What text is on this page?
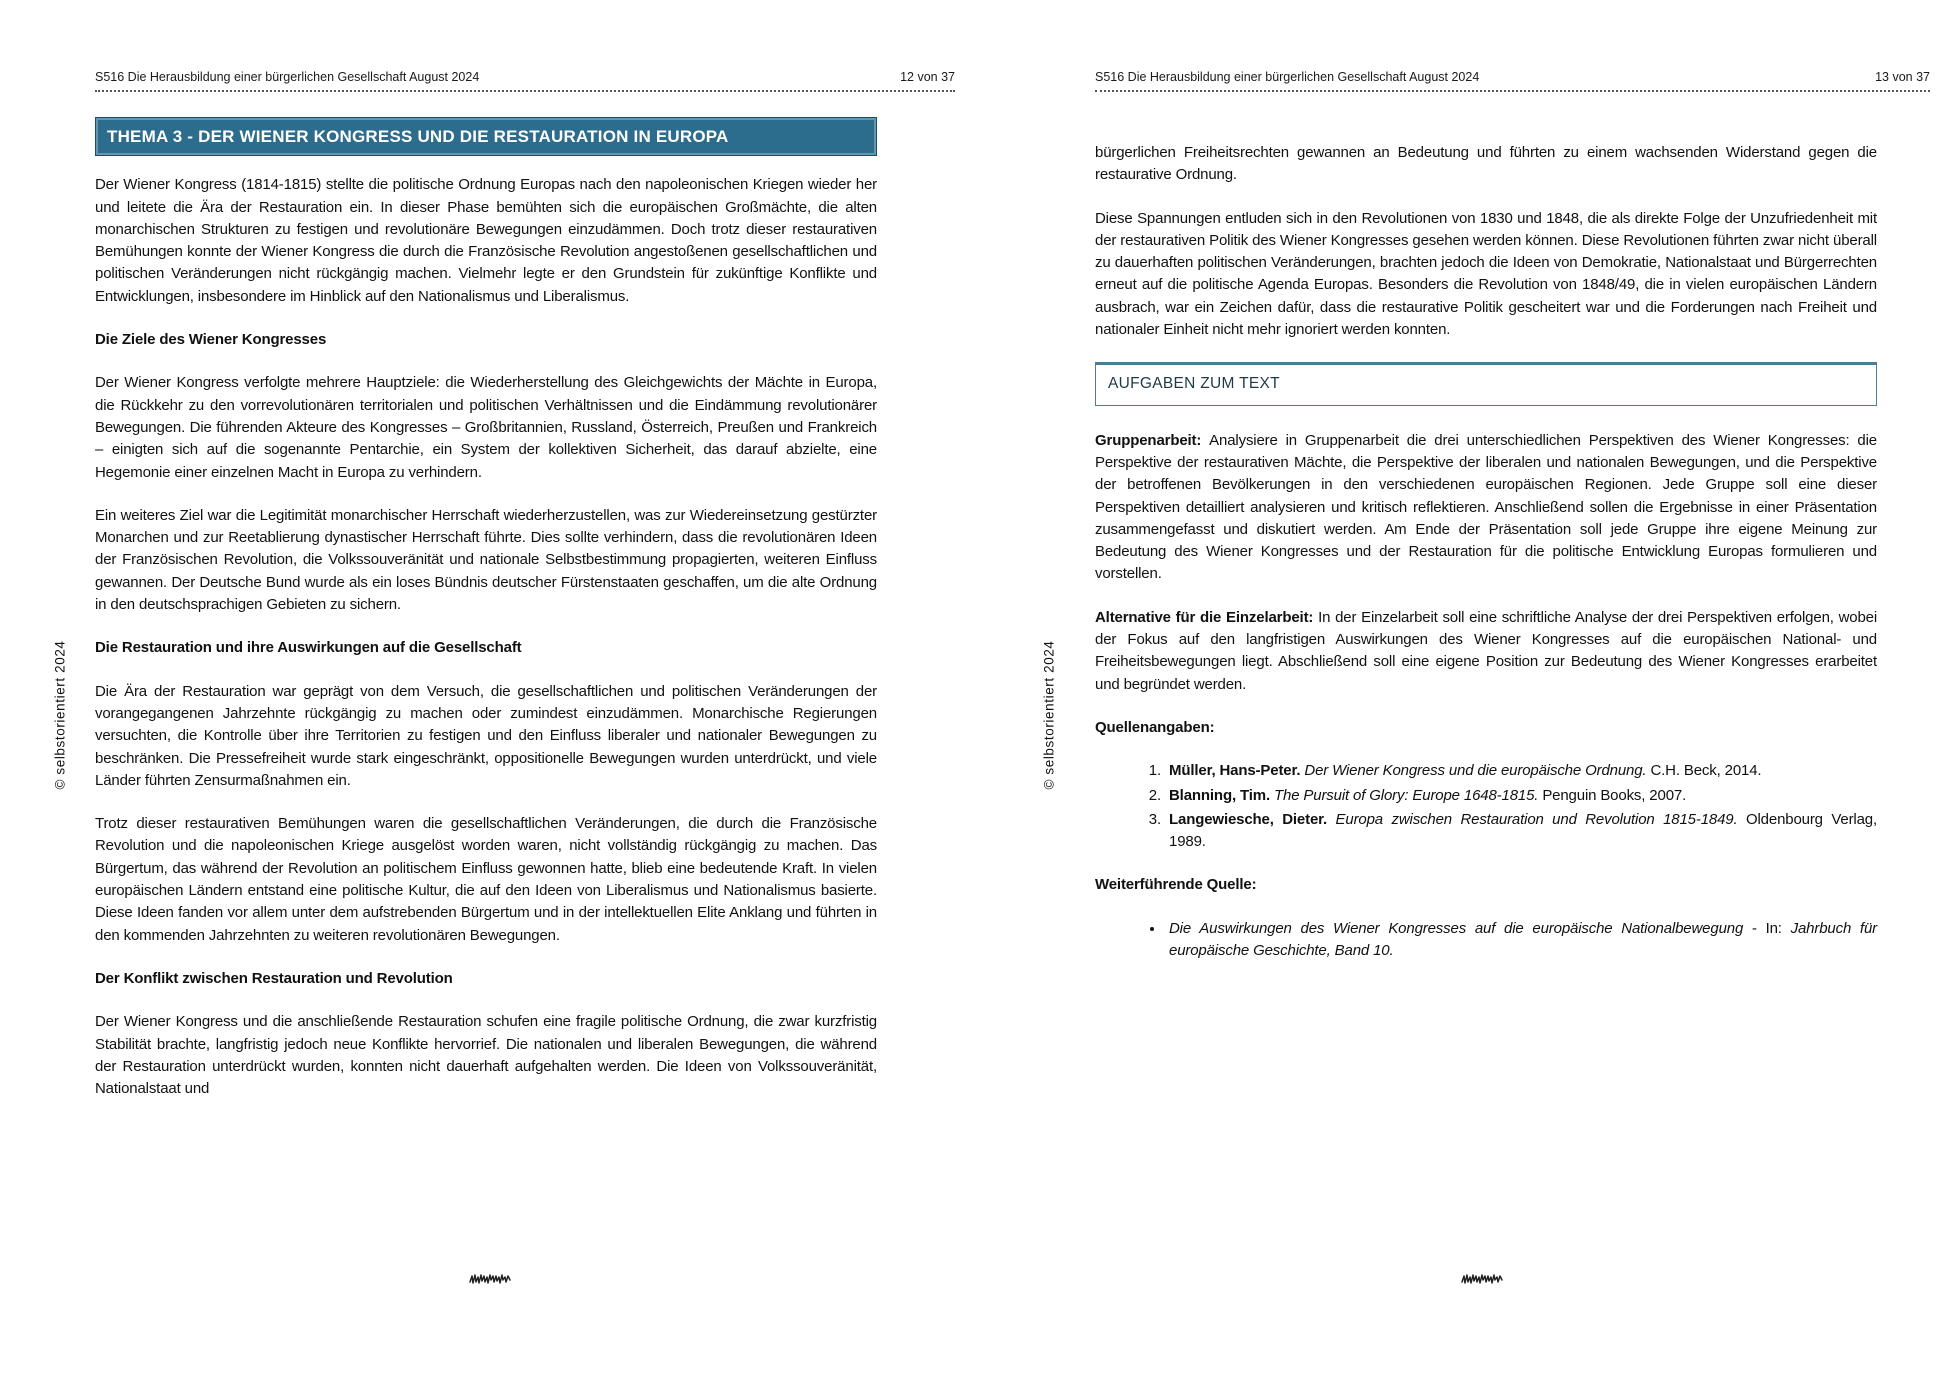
S516 Die Herausbildung einer bürgerlichen Gesellschaft August 2024	12 von 37
© selbstorientiert 2024
THEMA 3 - DER WIENER KONGRESS UND DIE RESTAURATION IN EUROPA

Der Wiener Kongress (1814-1815) stellte die politische Ordnung Europas nach den napoleonischen Kriegen wieder her und leitete die Ära der Restauration ein. In dieser Phase bemühten sich die europäischen Großmächte, die alten monarchischen Strukturen zu festigen und revolutionäre Bewegungen einzudämmen. Doch trotz dieser restaurativen Bemühungen konnte der Wiener Kongress die durch die Französische Revolution angestoßenen gesellschaftlichen und politischen Veränderungen nicht rückgängig machen. Vielmehr legte er den Grundstein für zukünftige Konflikte und Entwicklungen, insbesondere im Hinblick auf den Nationalismus und Liberalismus.

Die Ziele des Wiener Kongresses

Der Wiener Kongress verfolgte mehrere Hauptziele: die Wiederherstellung des Gleichgewichts der Mächte in Europa, die Rückkehr zu den vorrevolutionären territorialen und politischen Verhältnissen und die Eindämmung revolutionärer Bewegungen. Die führenden Akteure des Kongresses – Großbritannien, Russland, Österreich, Preußen und Frankreich – einigten sich auf die sogenannte Pentarchie, ein System der kollektiven Sicherheit, das darauf abzielte, eine Hegemonie einer einzelnen Macht in Europa zu verhindern.

Ein weiteres Ziel war die Legitimität monarchischer Herrschaft wiederherzustellen, was zur Wiedereinsetzung gestürzter Monarchen und zur Reetablierung dynastischer Herrschaft führte. Dies sollte verhindern, dass die revolutionären Ideen der Französischen Revolution, die Volkssouveränität und nationale Selbstbestimmung propagierten, weiteren Einfluss gewannen. Der Deutsche Bund wurde als ein loses Bündnis deutscher Fürstenstaaten geschaffen, um die alte Ordnung in den deutschsprachigen Gebieten zu sichern.

Die Restauration und ihre Auswirkungen auf die Gesellschaft

Die Ära der Restauration war geprägt von dem Versuch, die gesellschaftlichen und politischen Veränderungen der vorangegangenen Jahrzehnte rückgängig zu machen oder zumindest einzudämmen. Monarchische Regierungen versuchten, die Kontrolle über ihre Territorien zu festigen und den Einfluss liberaler und nationaler Bewegungen zu beschränken. Die Pressefreiheit wurde stark eingeschränkt, oppositionelle Bewegungen wurden unterdrückt, und viele Länder führten Zensurmaßnahmen ein.

Trotz dieser restaurativen Bemühungen waren die gesellschaftlichen Veränderungen, die durch die Französische Revolution und die napoleonischen Kriege ausgelöst worden waren, nicht vollständig rückgängig zu machen. Das Bürgertum, das während der Revolution an politischem Einfluss gewonnen hatte, blieb eine bedeutende Kraft. In vielen europäischen Ländern entstand eine politische Kultur, die auf den Ideen von Liberalismus und Nationalismus basierte. Diese Ideen fanden vor allem unter dem aufstrebenden Bürgertum und in der intellektuellen Elite Anklang und führten in den kommenden Jahrzehnten zu weiteren revolutionären Bewegungen.

Der Konflikt zwischen Restauration und Revolution

Der Wiener Kongress und die anschließende Restauration schufen eine fragile politische Ordnung, die zwar kurzfristig Stabilität brachte, langfristig jedoch neue Konflikte hervorrief. Die nationalen und liberalen Bewegungen, die während der Restauration unterdrückt wurden, konnten nicht dauerhaft aufgehalten werden. Die Ideen von Volkssouveränität, Nationalstaat und

S516 Die Herausbildung einer bürgerlichen Gesellschaft August 2024	13 von 37
© selbstorientiert 2024

bürgerlichen Freiheitsrechten gewannen an Bedeutung und führten zu einem wachsenden Widerstand gegen die restaurative Ordnung.

Diese Spannungen entluden sich in den Revolutionen von 1830 und 1848, die als direkte Folge der Unzufriedenheit mit der restaurativen Politik des Wiener Kongresses gesehen werden können. Diese Revolutionen führten zwar nicht überall zu dauerhaften politischen Veränderungen, brachten jedoch die Ideen von Demokratie, Nationalstaat und Bürgerrechten erneut auf die politische Agenda Europas. Besonders die Revolution von 1848/49, die in vielen europäischen Ländern ausbrach, war ein Zeichen dafür, dass die restaurative Politik gescheitert war und die Forderungen nach Freiheit und nationaler Einheit nicht mehr ignoriert werden konnten.

AUFGABEN ZUM TEXT

Gruppenarbeit: Analysiere in Gruppenarbeit die drei unterschiedlichen Perspektiven des Wiener Kongresses: die Perspektive der restaurativen Mächte, die Perspektive der liberalen und nationalen Bewegungen, und die Perspektive der betroffenen Bevölkerungen in den verschiedenen europäischen Regionen. Jede Gruppe soll eine dieser Perspektiven detailliert analysieren und kritisch reflektieren. Anschließend sollen die Ergebnisse in einer Präsentation zusammengefasst und diskutiert werden. Am Ende der Präsentation soll jede Gruppe ihre eigene Meinung zur Bedeutung des Wiener Kongresses und der Restauration für die politische Entwicklung Europas formulieren und vorstellen.

Alternative für die Einzelarbeit: In der Einzelarbeit soll eine schriftliche Analyse der drei Perspektiven erfolgen, wobei der Fokus auf den langfristigen Auswirkungen des Wiener Kongresses auf die europäischen National- und Freiheitsbewegungen liegt. Abschließend soll eine eigene Position zur Bedeutung des Wiener Kongresses erarbeitet und begründet werden.

Quellenangaben:
1. Müller, Hans-Peter. Der Wiener Kongress und die europäische Ordnung. C.H. Beck, 2014.
2. Blanning, Tim. The Pursuit of Glory: Europe 1648-1815. Penguin Books, 2007.
3. Langewiesche, Dieter. Europa zwischen Restauration und Revolution 1815-1849. Oldenbourg Verlag, 1989.
Weiterführende Quelle:
• Die Auswirkungen des Wiener Kongresses auf die europäische Nationalbewegung - In: Jahrbuch für europäische Geschichte, Band 10.
